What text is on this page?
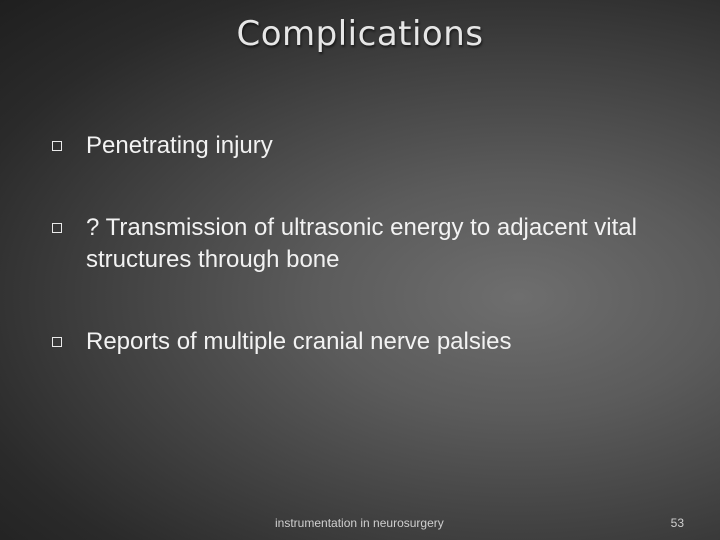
Complications
Penetrating injury
? Transmission of ultrasonic energy to adjacent vital structures through bone
Reports of multiple cranial nerve palsies
instrumentation in neurosurgery	53
